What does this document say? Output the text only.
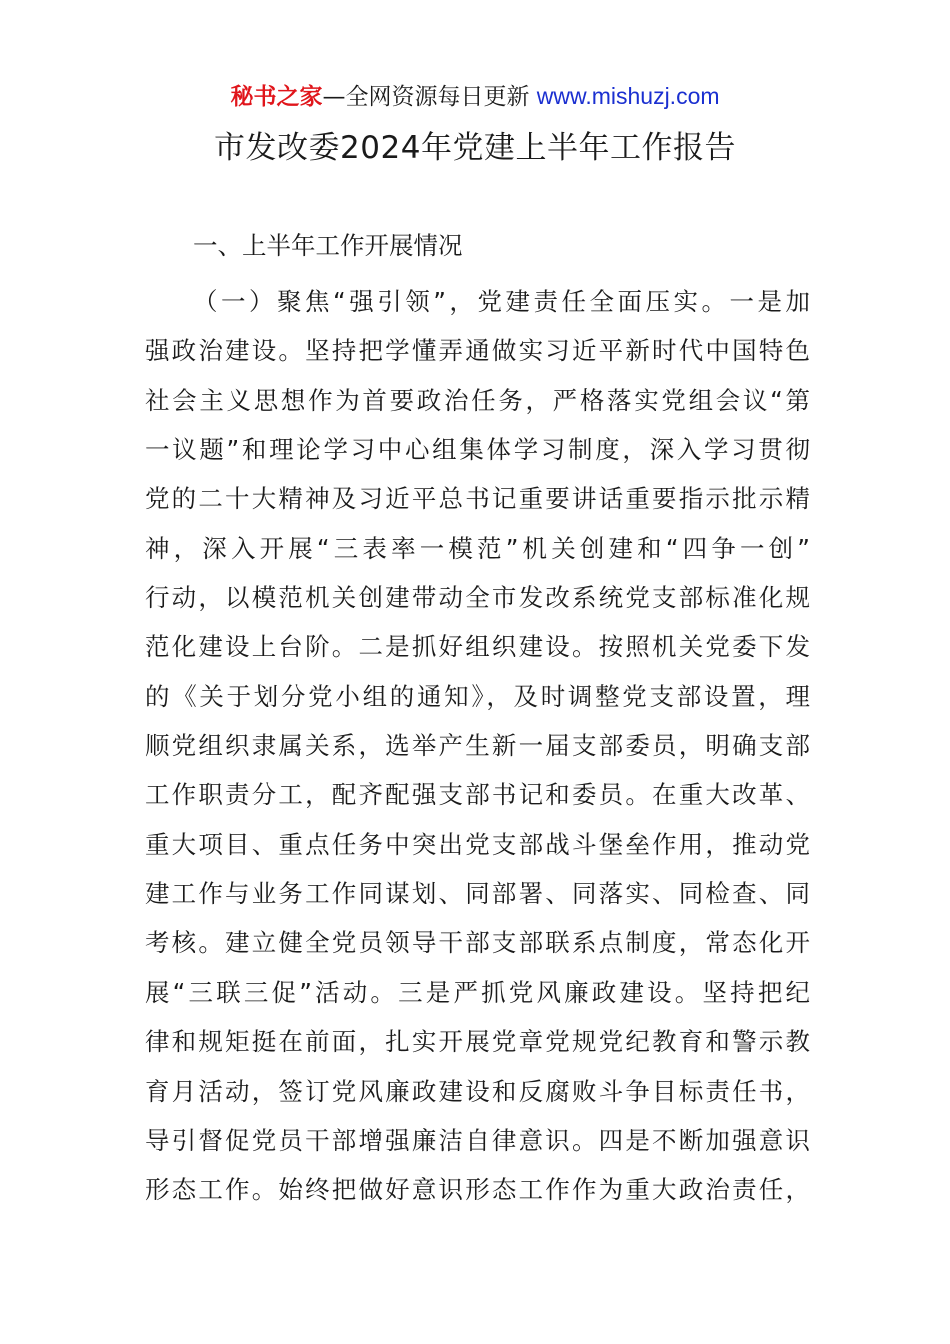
秘书之家—全网资源每日更新 www.mishuzj.com
市发改委2024年党建上半年工作报告
一、上半年工作开展情况
（一）聚焦“强引领”，党建责任全面压实。一是加
强政治建设。坚持把学懂弄通做实习近平新时代中国特色
社会主义思想作为首要政治任务，严格落实党组会议“第
一议题”和理论学习中心组集体学习制度，深入学习贯彻
党的二十大精神及习近平总书记重要讲话重要指示批示精
神，深入开展“三表率一模范”机关创建和“四争一创”
行动，以模范机关创建带动全市发改系统党支部标准化规
范化建设上台阶。二是抓好组织建设。按照机关党委下发
的《关于划分党小组的通知》，及时调整党支部设置，理
顺党组织隶属关系，选举产生新一届支部委员，明确支部
工作职责分工，配齐配强支部书记和委员。在重大改革、
重大项目、重点任务中突出党支部战斗堡垒作用，推动党
建工作与业务工作同谋划、同部署、同落实、同检查、同
考核。建立健全党员领导干部支部联系点制度，常态化开
展“三联三促”活动。三是严抓党风廉政建设。坚持把纪
律和规矩挺在前面，扎实开展党章党规党纪教育和警示教
育月活动，签订党风廉政建设和反腐败斗争目标责任书，
导引督促党员干部增强廉洁自律意识。四是不断加强意识
形态工作。始终把做好意识形态工作作为重大政治责任，
